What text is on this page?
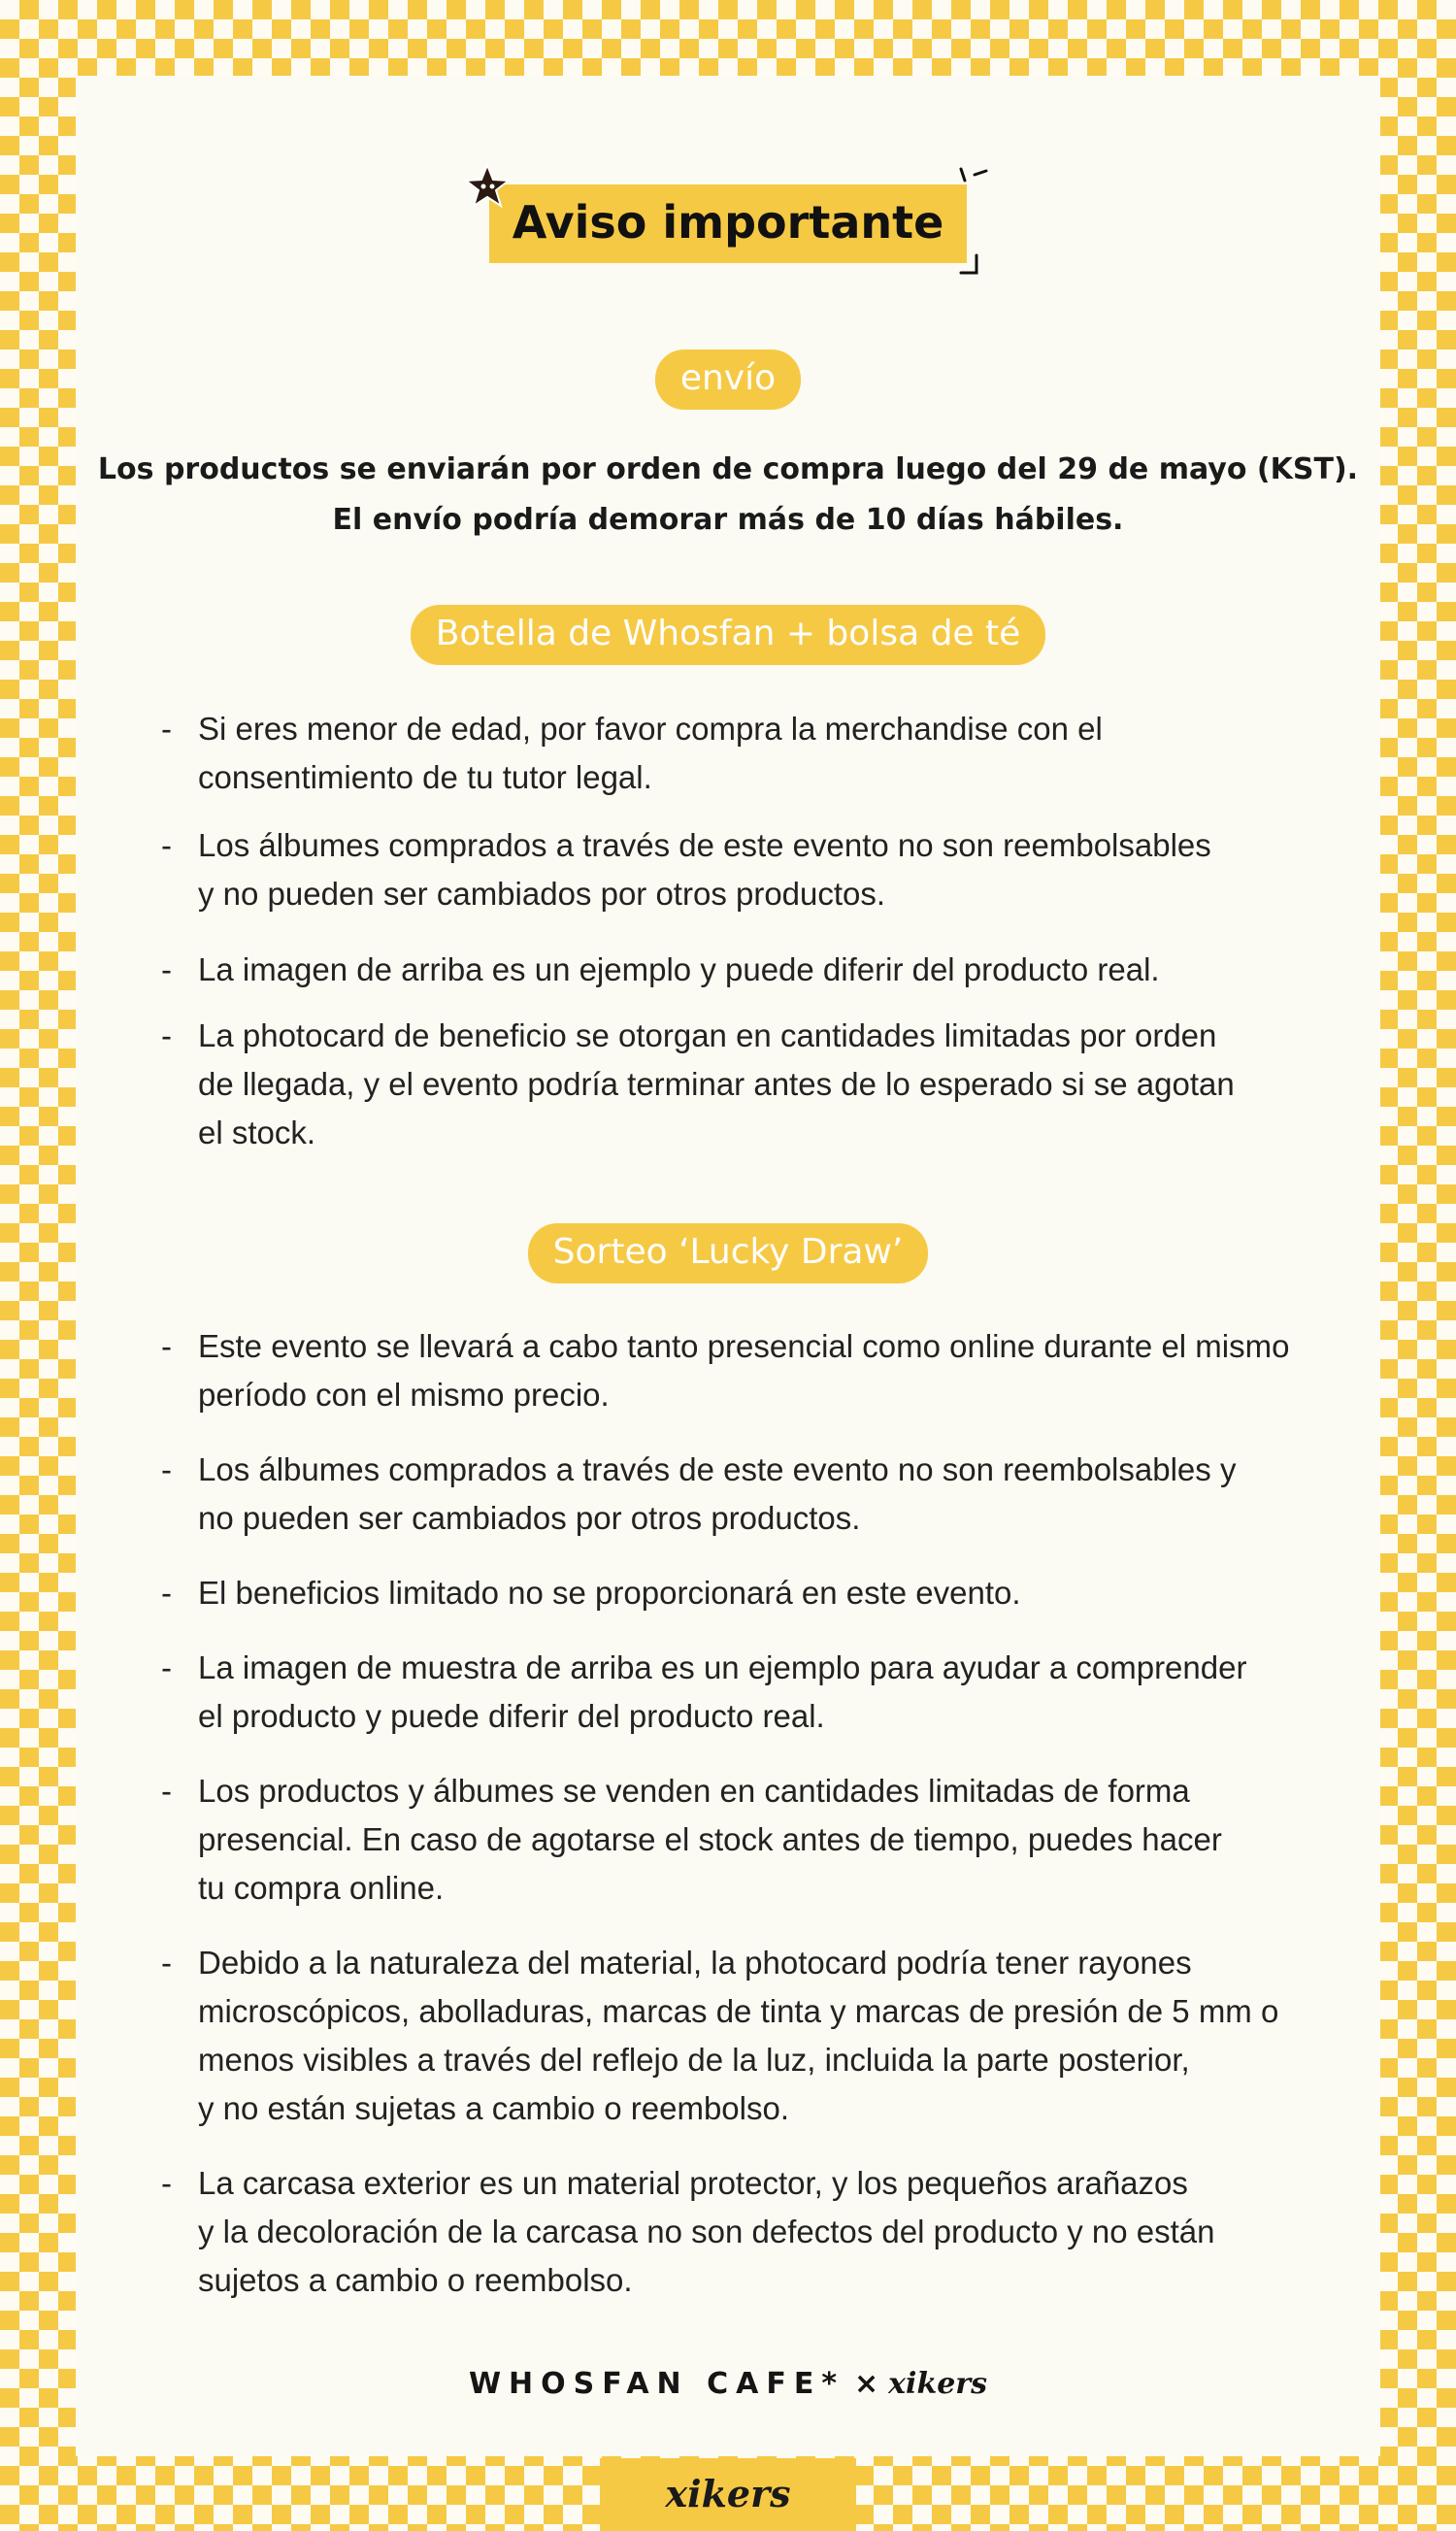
Aviso importante
envío
Los productos se enviarán por orden de compra luego del 29 de mayo (KST).
El envío podría demorar más de 10 días hábiles.
Botella de Whosfan + bolsa de té
- Si eres menor de edad, por favor compra la merchandise con el
consentimiento de tu tutor legal.
- Los álbumes comprados a través de este evento no son reembolsables
y no pueden ser cambiados por otros productos.
- La imagen de arriba es un ejemplo y puede diferir del producto real.
- La photocard de beneficio se otorgan en cantidades limitadas por orden
de llegada, y el evento podría terminar antes de lo esperado si se agotan
el stock.
Sorteo ‘Lucky Draw’
- Este evento se llevará a cabo tanto presencial como online durante el mismo
período con el mismo precio.
- Los álbumes comprados a través de este evento no son reembolsables y
no pueden ser cambiados por otros productos.
- El beneficios limitado no se proporcionará en este evento.
- La imagen de muestra de arriba es un ejemplo para ayudar a comprender
el producto y puede diferir del producto real.
- Los productos y álbumes se venden en cantidades limitadas de forma
presencial. En caso de agotarse el stock antes de tiempo, puedes hacer
tu compra online.
- Debido a la naturaleza del material, la photocard podría tener rayones
microscópicos, abolladuras, marcas de tinta y marcas de presión de 5 mm o
menos visibles a través del reflejo de la luz, incluida la parte posterior,
y no están sujetas a cambio o reembolso.
- La carcasa exterior es un material protector, y los pequeños arañazos
y la decoloración de la carcasa no son defectos del producto y no están
sujetos a cambio o reembolso.
WHOSFAN CAFE* × xikers
xikers
